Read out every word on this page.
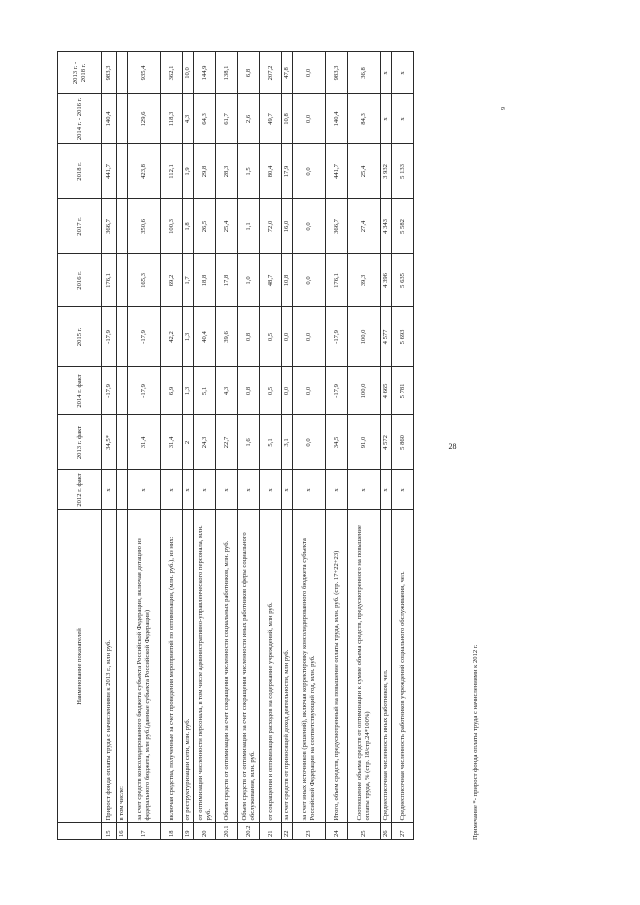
28
	Наименование показателей	2012 г. факт	2013 г. факт	2014 г. факт	2015 г.	2016 г.	2017 г.	2018 г.	2014 г. - 2016 г.	2013 г. - 2018 г.
15	Прирост фонда оплаты труда с начислениями к 2013 г., млн руб.	х	34,5*	-17,9	-17,9	176,1	366,7	441,7	140,4	983,3
16	в том числе:									
17	за счет средств консолидированного бюджета субъекта Российской Федерации, включая дотацию из федерального бюджета, млн руб.(данные субъекта Российской Федерации)	х	31,4	-17,9	-17,9	165,3	350,6	423,8	129,6	935,4
18	включая средства, полученные за счет проведения мероприятий по оптимизации, (млн. руб.), из них:	х	31,4	6,9	42,2	69,2	100,3	112,1	118,3	362,1
19	от реструктуризации сети, млн. руб.	х	2	1,3	1,3	1,7	1,8	1,9	4,3	10,0
20	от оптимизации численности персонала, в том числе административно-управленческого персонала, млн. руб.	х	24,3	5,1	40,4	18,8	26,5	29,8	64,3	144,9
20.1	Объем средств от оптимизации за счет сокращения численности социальных работников, млн. руб.	х	22,7	4,3	39,6	17,8	25,4	28,3	61,7	138,1
20.2	Объем средств от оптимизации за счет сокращения численности иных работников сферы социального обслуживания, млн. руб.	х	1,6	0,8	0,8	1,0	1,1	1,5	2,6	6,8
21	от сокращения и оптимизации расходов на содержание учреждений, млн руб.	х	5,1	0,5	0,5	48,7	72,0	80,4	49,7	207,2
22	за счет средств от приносящей доход деятельности, млн руб.	х	3,1	0,0	0,0	10,8	16,0	17,9	10,8	47,8
23	за счет иных источников (решений), включая корректировку консолидированного бюджета субъекта Российской Федерации на соответствующий год, млн. руб.	х	0,0	0,0	0,0	0,0	0,0	0,0	0,0	0,0
24	Итого, объем средств, предусмотренный на повышение оплаты труда, млн. руб. (стр. 17+22+23)	х	34,5	-17,9	-17,9	176,1	366,7	441,7	140,4	983,3
25	Соотношение объема средств от оптимизации к сумме объема средств, предусмотренного на повышение оплаты труда, % (стр. 18/стр.24*100%)	х	91,0	100,0	100,0	39,3	27,4	25,4	84,3	36,8
26	Среднесписочная численность иных работников, чел.	х	4 572	4 665	4 577	4 396	4 343	3 932	х	х
27	Среднесписочная численность работников учреждений социального обслуживания, чел.	х	5 860	5 781	5 693	5 635	5 582	5 133	х	х
Примечание *- прирост фонда оплаты труда с начислениями к 2012 г.
9
